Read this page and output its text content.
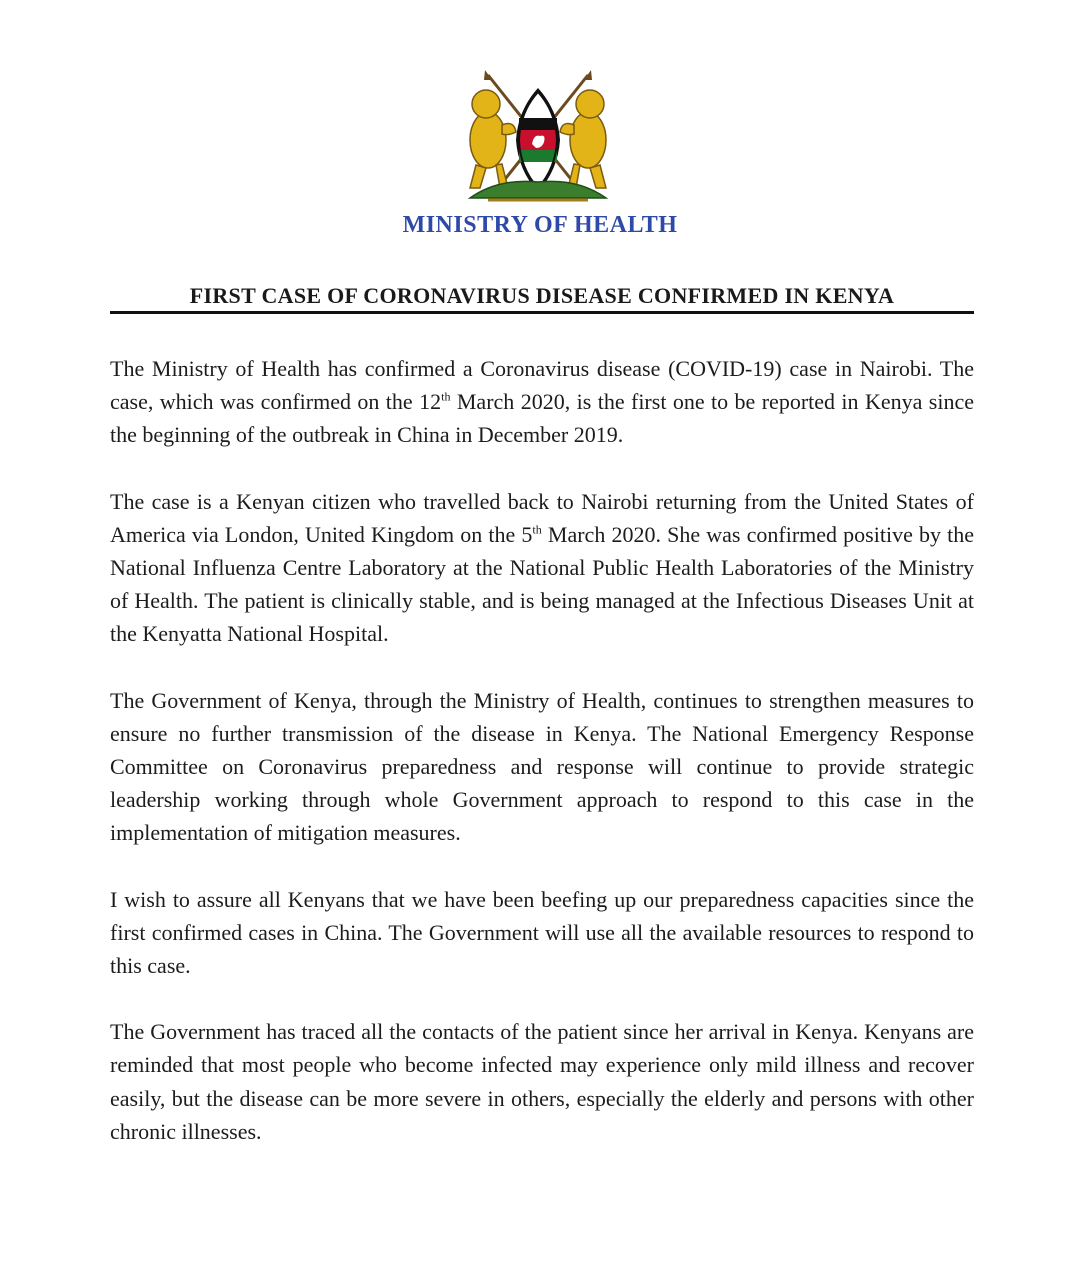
MINISTRY OF HEALTH
FIRST CASE OF CORONAVIRUS DISEASE CONFIRMED IN KENYA

The Ministry of Health has confirmed a Coronavirus disease (COVID-19) case in Nairobi. The case, which was confirmed on the 12th March 2020, is the first one to be reported in Kenya since the beginning of the outbreak in China in December 2019.

The case is a Kenyan citizen who travelled back to Nairobi returning from the United States of America via London, United Kingdom on the 5th March 2020. She was confirmed positive by the National Influenza Centre Laboratory at the National Public Health Laboratories of the Ministry of Health. The patient is clinically stable, and is being managed at the Infectious Diseases Unit at the Kenyatta National Hospital.

The Government of Kenya, through the Ministry of Health, continues to strengthen measures to ensure no further transmission of the disease in Kenya. The National Emergency Response Committee on Coronavirus preparedness and response will continue to provide strategic leadership working through whole Government approach to respond to this case in the implementation of mitigation measures.

I wish to assure all Kenyans that we have been beefing up our preparedness capacities since the first confirmed cases in China. The Government will use all the available resources to respond to this case.

The Government has traced all the contacts of the patient since her arrival in Kenya. Kenyans are reminded that most people who become infected may experience only mild illness and recover easily, but the disease can be more severe in others, especially the elderly and persons with other chronic illnesses.
